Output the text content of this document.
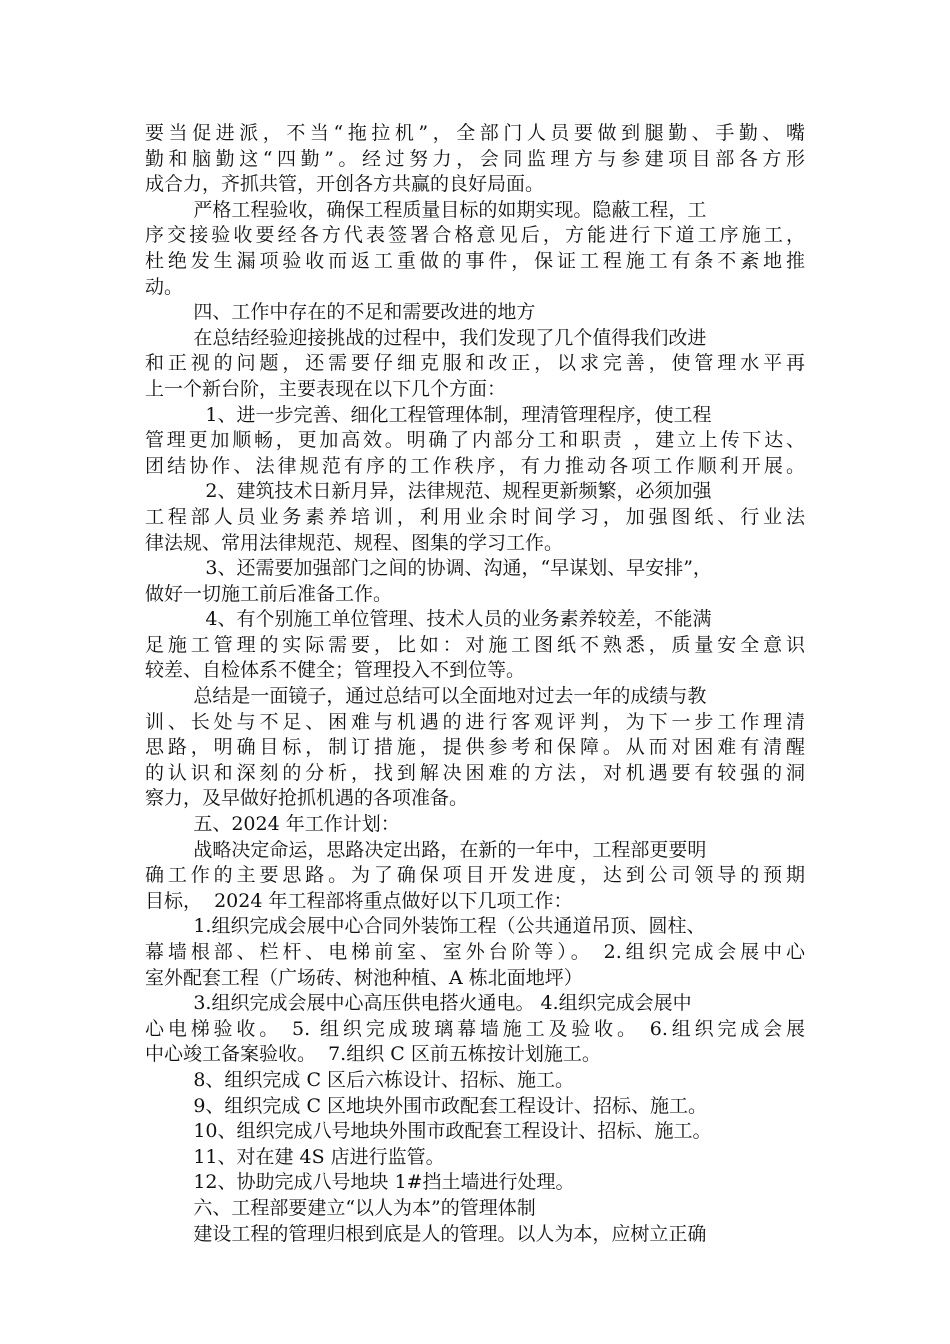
要当促进派，不当“拖拉机”，全部门人员要做到腿勤、手勤、嘴
勤和脑勤这“四勤”。经过努力，会同监理方与参建项目部各方形
成合力，齐抓共管，开创各方共赢的良好局面。
严格工程验收，确保工程质量目标的如期实现。隐蔽工程，工
序交接验收要经各方代表签署合格意见后，方能进行下道工序施工，
杜绝发生漏项验收而返工重做的事件，保证工程施工有条不紊地推
动。
四、工作中存在的不足和需要改进的地方
在总结经验迎接挑战的过程中，我们发现了几个值得我们改进
和正视的问题，还需要仔细克服和改正，以求完善，使管理水平再
上一个新台阶，主要表现在以下几个方面：
1、进一步完善、细化工程管理体制，理清管理程序，使工程
管理更加顺畅，更加高效。明确了内部分工和职责 ，建立上传下达、
团结协作、法律规范有序的工作秩序，有力推动各项工作顺利开展。
2、建筑技术日新月异，法律规范、规程更新频繁，必须加强
工程部人员业务素养培训，利用业余时间学习，加强图纸、行业法
律法规、常用法律规范、规程、图集的学习工作。
3、还需要加强部门之间的协调、沟通，“早谋划、早安排”，
做好一切施工前后准备工作。
4、有个别施工单位管理、技术人员的业务素养较差，不能满
足施工管理的实际需要，比如：对施工图纸不熟悉，质量安全意识
较差、自检体系不健全；管理投入不到位等。
总结是一面镜子，通过总结可以全面地对过去一年的成绩与教
训、长处与不足、困难与机遇的进行客观评判，为下一步工作理清
思路，明确目标，制订措施，提供参考和保障。从而对困难有清醒
的认识和深刻的分析，找到解决困难的方法，对机遇要有较强的洞
察力，及早做好抢抓机遇的各项准备。
五、2024 年工作计划：
战略决定命运，思路决定出路，在新的一年中，工程部更要明
确工作的主要思路。为了确保项目开发进度，达到公司领导的预期
目标，  2024 年工程部将重点做好以下几项工作：
1.组织完成会展中心合同外装饰工程（公共通道吊顶、圆柱、
幕墙根部、栏杆、电梯前室、室外台阶等）。 2.组织完成会展中心
室外配套工程（广场砖、树池种植、A 栋北面地坪）
3.组织完成会展中心高压供电搭火通电。 4.组织完成会展中
心电梯验收。 5. 组织完成玻璃幕墙施工及验收。 6.组织完成会展
中心竣工备案验收。  7.组织 C 区前五栋按计划施工。
8、组织完成 C 区后六栋设计、招标、施工。
9、组织完成 C 区地块外围市政配套工程设计、招标、施工。
10、组织完成八号地块外围市政配套工程设计、招标、施工。
11、对在建 4S 店进行监管。
12、协助完成八号地块 1#挡土墙进行处理。
六、工程部要建立“以人为本”的管理体制
建设工程的管理归根到底是人的管理。以人为本，应树立正确
